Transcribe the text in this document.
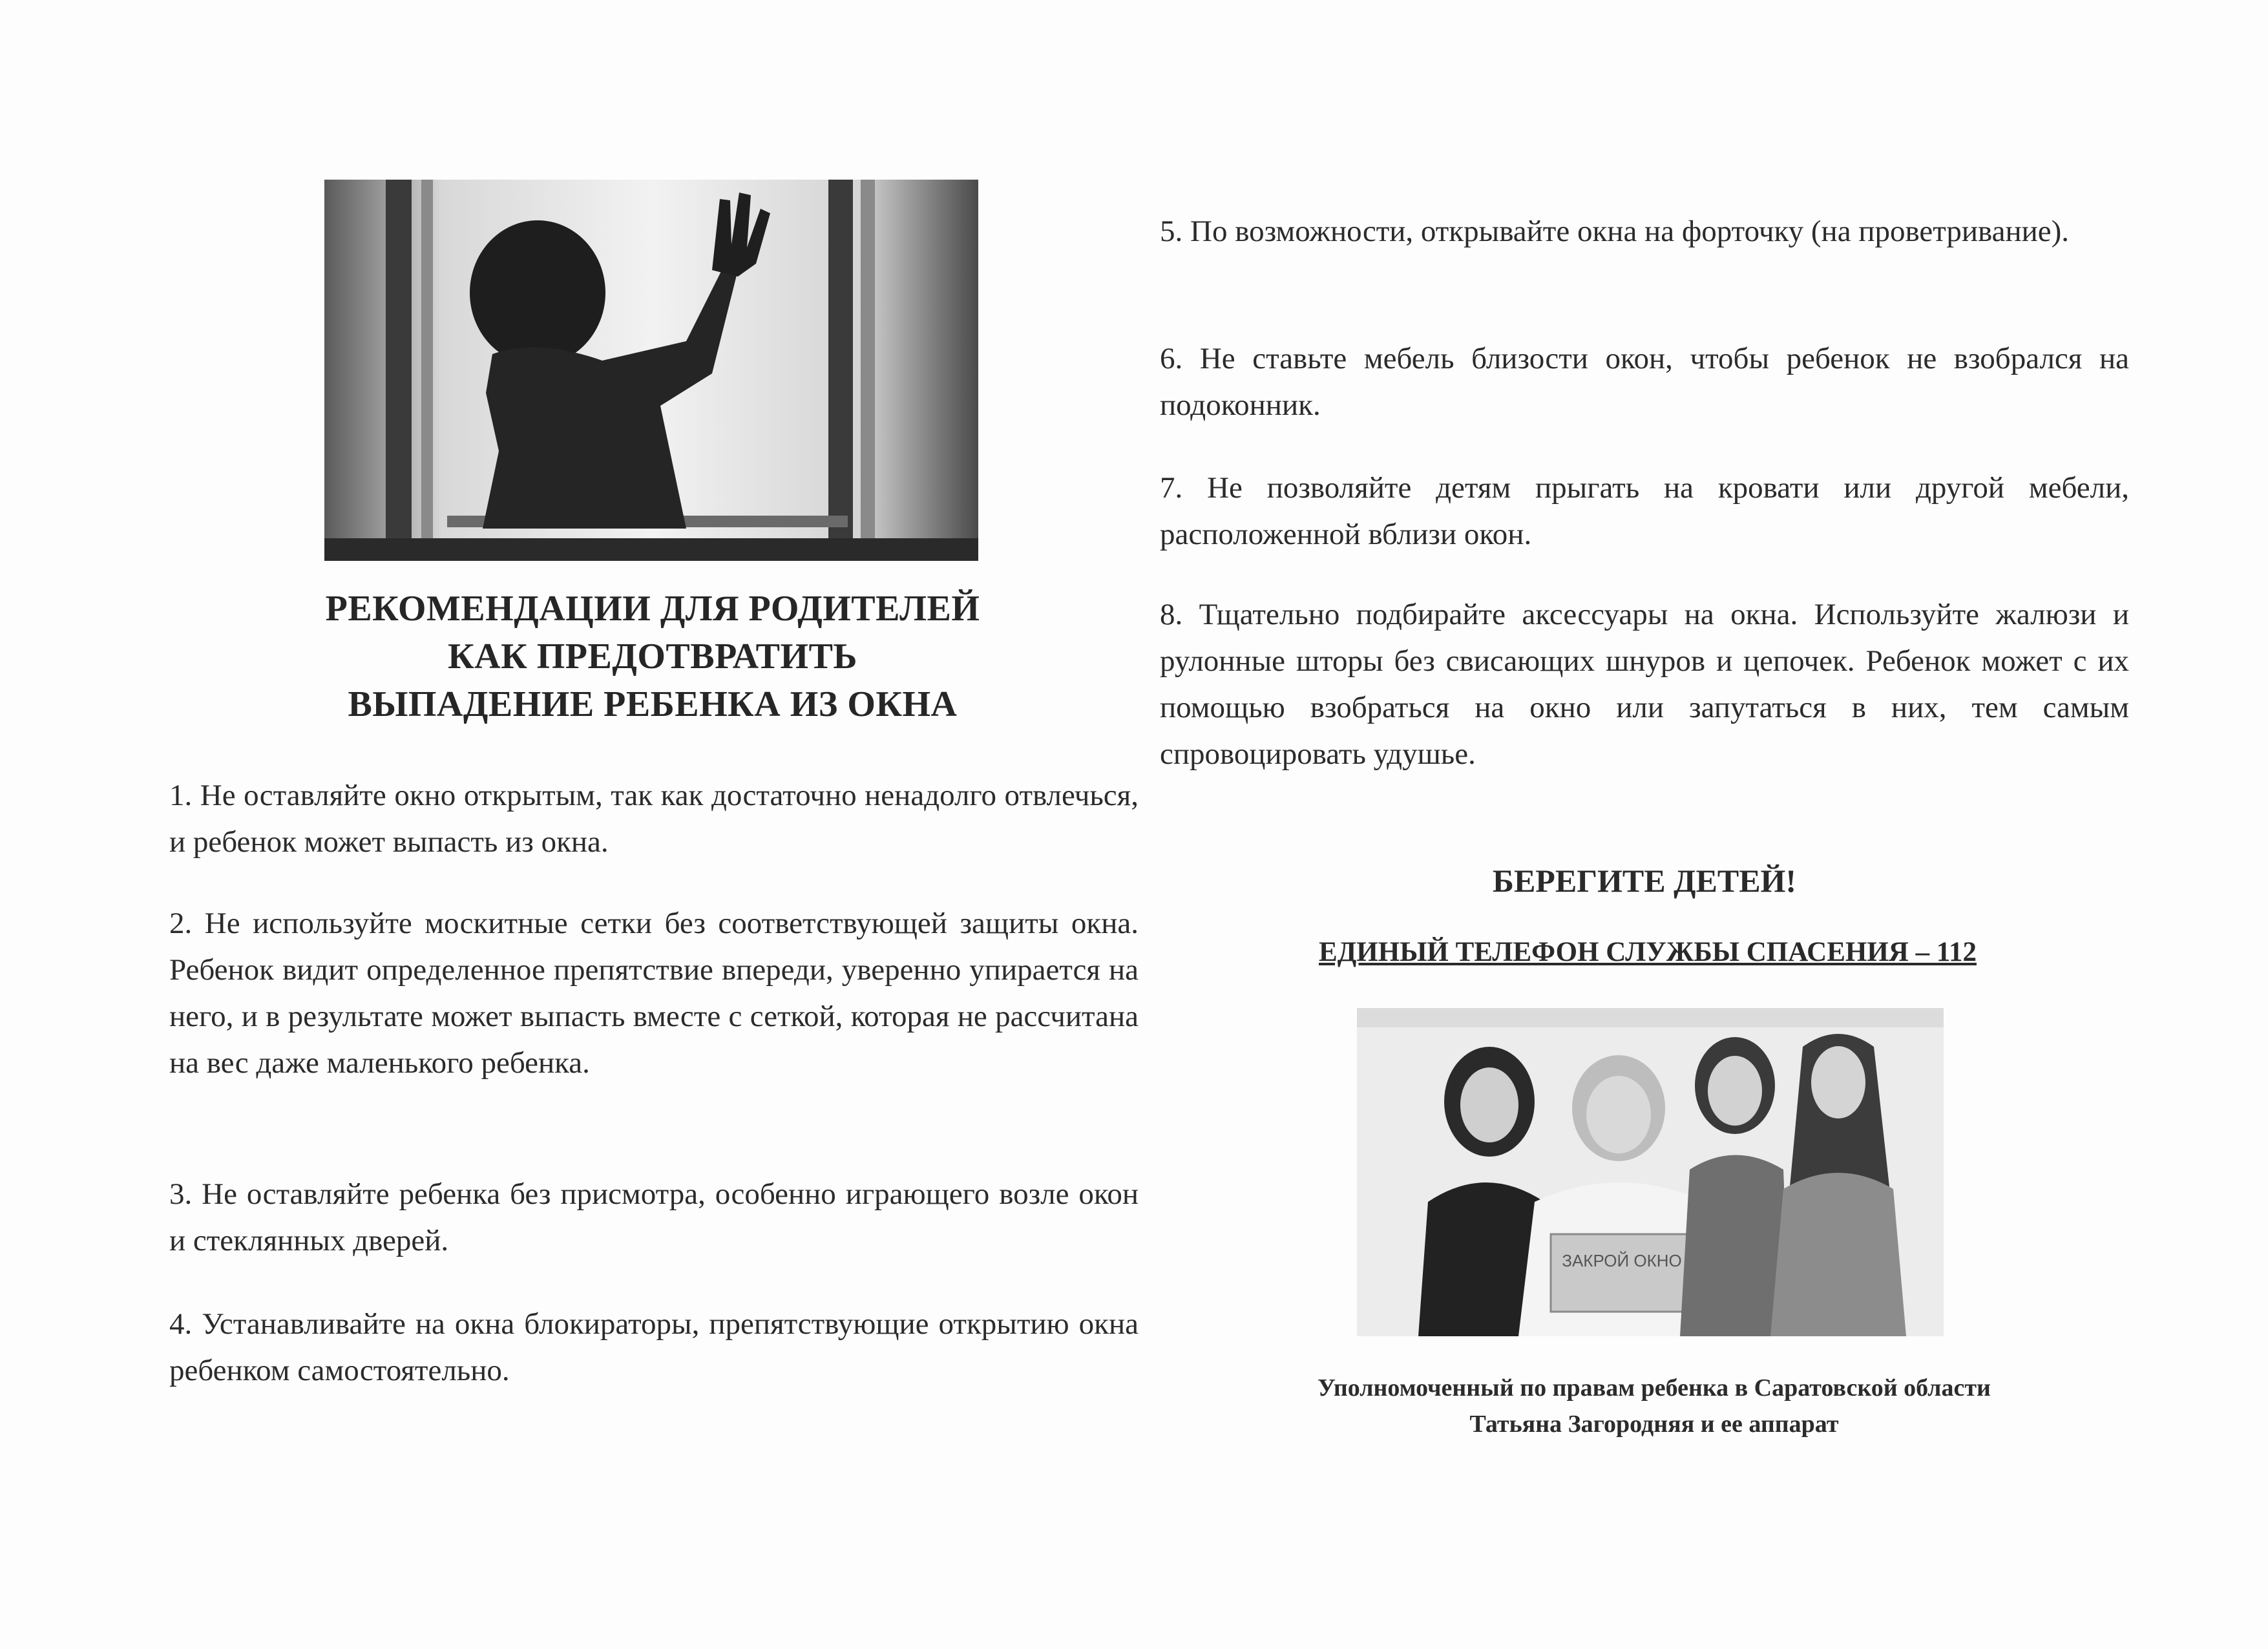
РЕКОМЕНДАЦИИ ДЛЯ РОДИТЕЛЕЙ
КАК ПРЕДОТВРАТИТЬ
ВЫПАДЕНИЕ РЕБЕНКА ИЗ ОКНА
1. Не оставляйте окно открытым, так как достаточно ненадолго отвлечься, и ребенок может выпасть из окна.
2. Не используйте москитные сетки без соответствующей защиты окна. Ребенок видит определенное препятствие впереди, уверенно упирается на него, и в результате может выпасть вместе с сеткой, которая не рассчитана на вес даже маленького ребенка.
3. Не оставляйте ребенка без присмотра, особенно играющего возле окон и стеклянных дверей.
4. Устанавливайте на окна блокираторы, препятствующие открытию окна ребенком самостоятельно.
5. По возможности, открывайте окна на форточку (на проветривание).
6. Не ставьте мебель близости окон, чтобы ребенок не взобрался на подоконник.
7. Не позволяйте детям прыгать на кровати или другой мебели, расположенной вблизи окон.
8. Тщательно подбирайте аксессуары на окна. Используйте жалюзи и рулонные шторы без свисающих шнуров и цепочек. Ребенок может с их помощью взобраться на окно или запутаться в них, тем самым спровоцировать удушье.
БЕРЕГИТЕ ДЕТЕЙ!
ЕДИНЫЙ ТЕЛЕФОН СЛУЖБЫ СПАСЕНИЯ – 112
ЗАКРОЙ ОКНО
Уполномоченный по правам ребенка в Саратовской области
Татьяна Загородняя и ее аппарат
